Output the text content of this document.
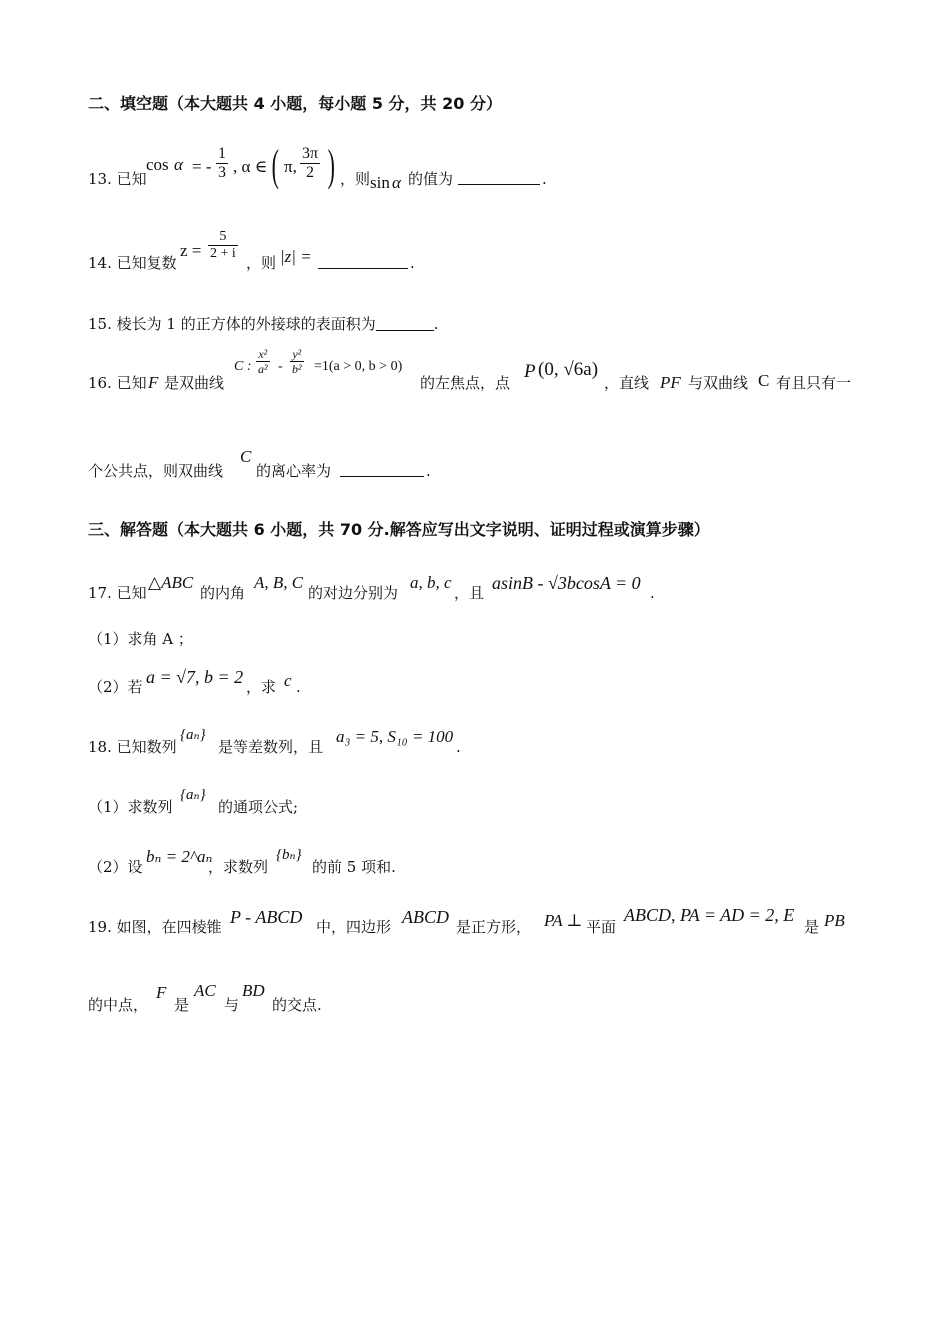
二、填空题（本大题共 4 小题，每小题 5 分，共 20 分）
13. 已知
cos α = - $\frac{1}{3}$ , α ∈ ( π, $\frac{3\pi}{2}$ ) ，则 sin α 的值为	.
14. 已知复数
$z = \frac{5}{2 + i}$
，则 |z| =	.
15. 棱长为 1 的正方体的外接球的表面积为	.
16. 已知 F 是双曲线
C : $\frac{\text{x²}}{\text{a²}} - \frac{\text{y²}}{\text{b²}} =1(a > 0$, b > 0)
的左焦点，点
P (0, √6a)
，直线 PF 与双曲线 C 有且只有一
个公共点，则双曲线
C
的离心率为	.
三、解答题（本大题共 6 小题，共 70 分.解答应写出文字说明、证明过程或演算步骤）
17. 已知
△ABC
的内角
A, B, C
的对边分别为
a, b, c
，且 asinB - √3bcosA = 0 .
（1）求角 A ；
（2）若 a = √7, b = 2 ，求 c .
18. 已知数列
{aₙ}
是等差数列，且
a₃ = 5, S₁₀ = 100
.
（1）求数列
{aₙ}
的通项公式;
（2）设
bₙ = 2^aₙ
，求数列
{bₙ}
的前 5 项和.
19. 如图，在四棱锥 P - ABCD 中，四边形 ABCD 是正方形， PA ⊥ 平面
ABCD, PA = AD = 2, E
是 PB
的中点，
F
是
AC
与
BD
的交点.
